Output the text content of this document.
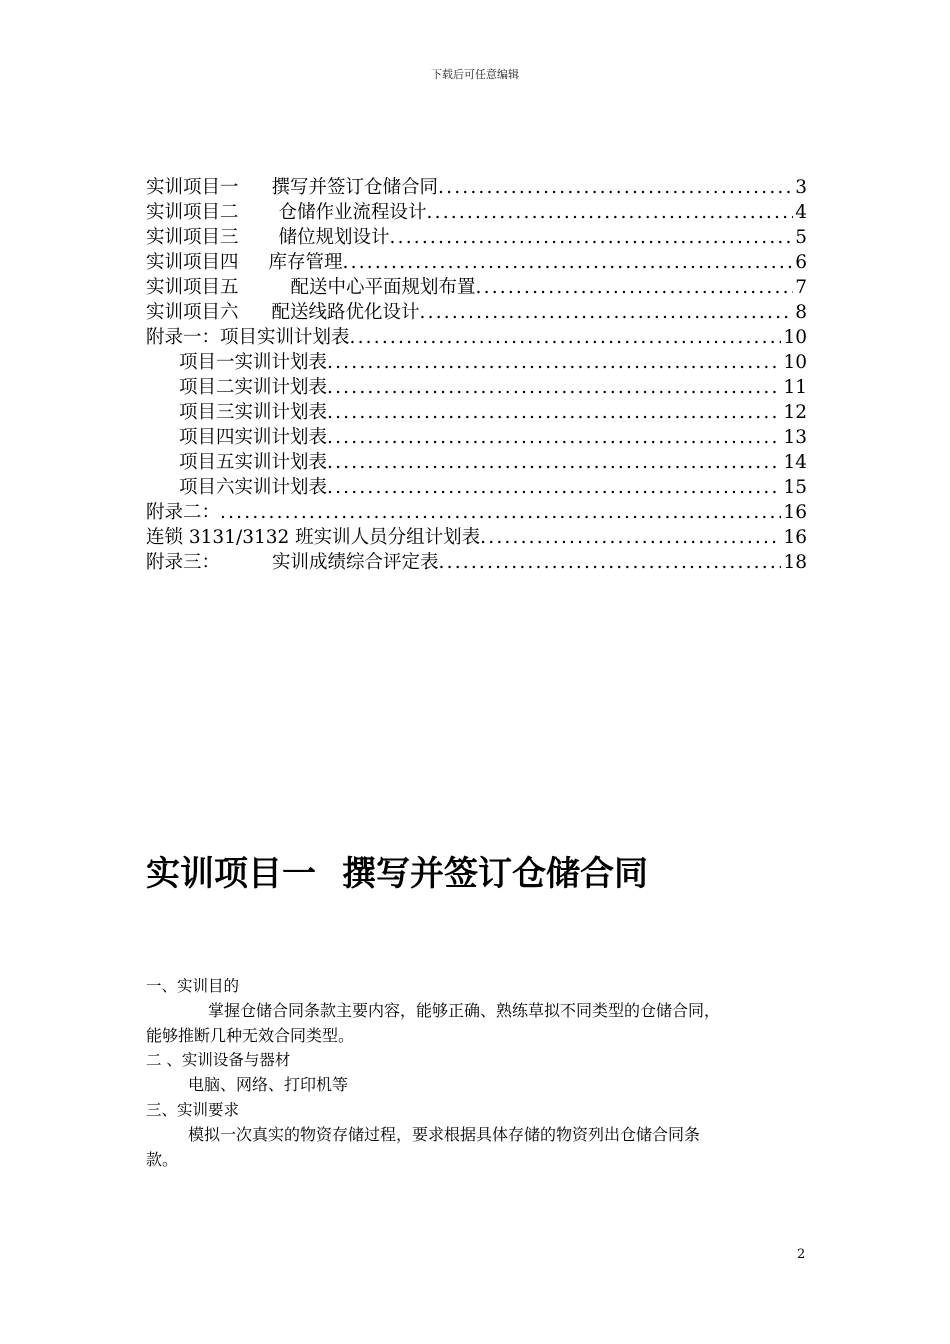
下载后可任意编辑
实训项目一 撰写并签订仓储合同 .....	3
实训项目二 仓储作业流程设计 .....	4
实训项目三 储位规划设计 .....	5
实训项目四 库存管理 .....	6
实训项目五	配送中心平面规划布置 .....	7
实训项目六 配送线路优化设计 .....	8
附录一：项目实训计划表 .....	10
项目一实训计划表 .....	10
项目二实训计划表 .....	11
项目三实训计划表 .....	12
项目四实训计划表 .....	13
项目五实训计划表 .....	14
项目六实训计划表 .....	15
附录二： .....	16
连锁 3131/3132 班实训人员分组计划表 .....	16
附录三：	实训成绩综合评定表 .....	18
实训项目一 撰写并签订仓储合同
一、实训目的
掌握仓储合同条款主要内容，能够正确、熟练草拟不同类型的仓储合同，
能够推断几种无效合同类型。
二 、实训设备与器材
电脑、网络、打印机等
三、实训要求
模拟一次真实的物资存储过程，要求根据具体存储的物资列出仓储合同条
款。
2
